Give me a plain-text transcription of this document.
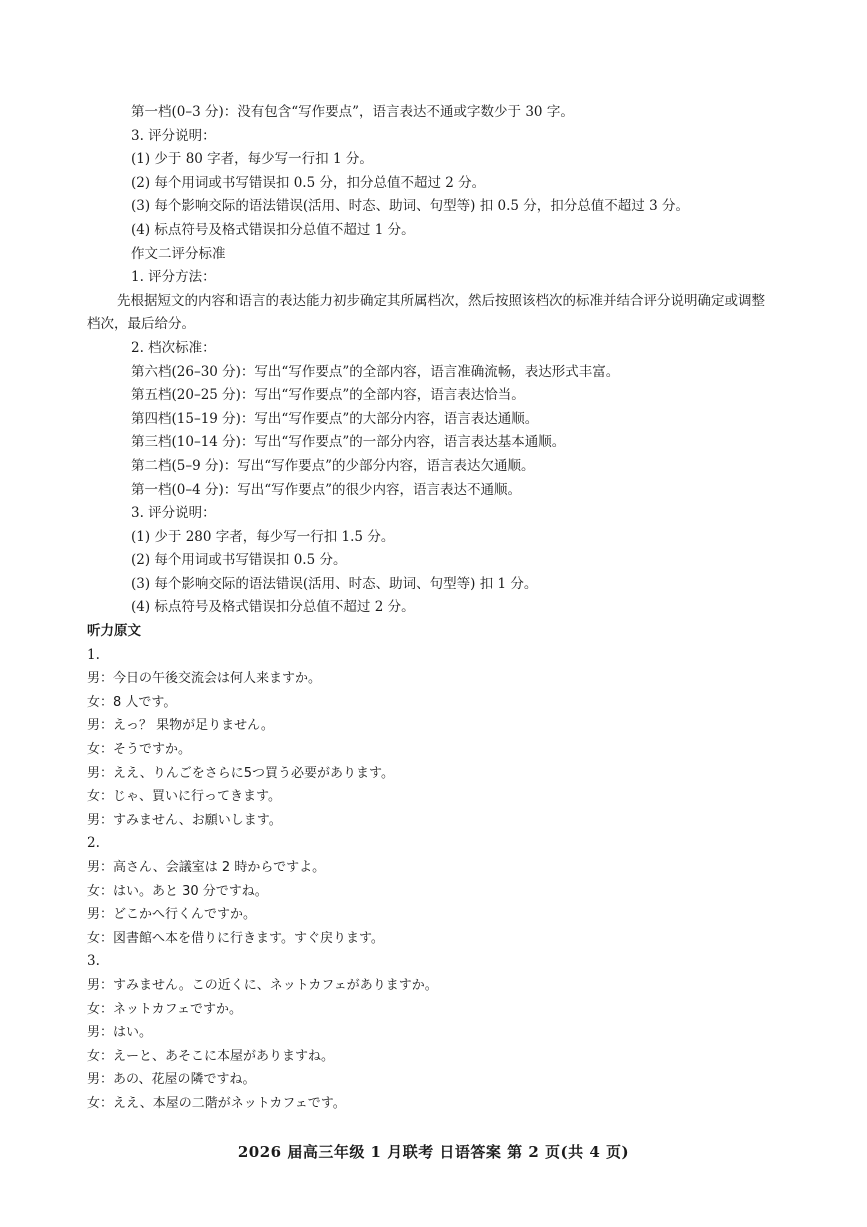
第一档(0–3 分)：没有包含“写作要点”，语言表达不通或字数少于 30 字。
3. 评分说明：
(1) 少于 80 字者，每少写一行扣 1 分。
(2) 每个用词或书写错误扣 0.5 分，扣分总值不超过 2 分。
(3) 每个影响交际的语法错误(活用、时态、助词、句型等) 扣 0.5 分，扣分总值不超过 3 分。
(4) 标点符号及格式错误扣分总值不超过 1 分。
作文二评分标准
1. 评分方法：
先根据短文的内容和语言的表达能力初步确定其所属档次，然后按照该档次的标准并结合评分说明确定或调整档次，最后给分。
2. 档次标准：
第六档(26–30 分)：写出“写作要点”的全部内容，语言准确流畅，表达形式丰富。
第五档(20–25 分)：写出“写作要点”的全部内容，语言表达恰当。
第四档(15–19 分)：写出“写作要点”的大部分内容，语言表达通顺。
第三档(10–14 分)：写出“写作要点”的一部分内容，语言表达基本通顺。
第二档(5–9 分)：写出“写作要点”的少部分内容，语言表达欠通顺。
第一档(0–4 分)：写出“写作要点”的很少内容，语言表达不通顺。
3. 评分说明：
(1) 少于 280 字者，每少写一行扣 1.5 分。
(2) 每个用词或书写错误扣 0.5 分。
(3) 每个影响交际的语法错误(活用、时态、助词、句型等) 扣 1 分。
(4) 标点符号及格式错误扣分总值不超过 2 分。
听力原文
1.
男：今日の午後交流会は何人来ますか。
女：8 人です。
男：えっ？ 果物が足りません。
女：そうですか。
男：ええ、りんごをさらに5つ買う必要があります。
女：じゃ、買いに行ってきます。
男：すみません、お願いします。
2.
男：高さん、会議室は 2 時からですよ。
女：はい。あと 30 分ですね。
男：どこかへ行くんですか。
女：図書館へ本を借りに行きます。すぐ戻ります。
3.
男：すみません。この近くに、ネットカフェがありますか。
女：ネットカフェですか。
男：はい。
女：えーと、あそこに本屋がありますね。
男：あの、花屋の隣ですね。
女：ええ、本屋の二階がネットカフェです。
2026 届高三年级 1 月联考 日语答案 第 2 页(共 4 页)
